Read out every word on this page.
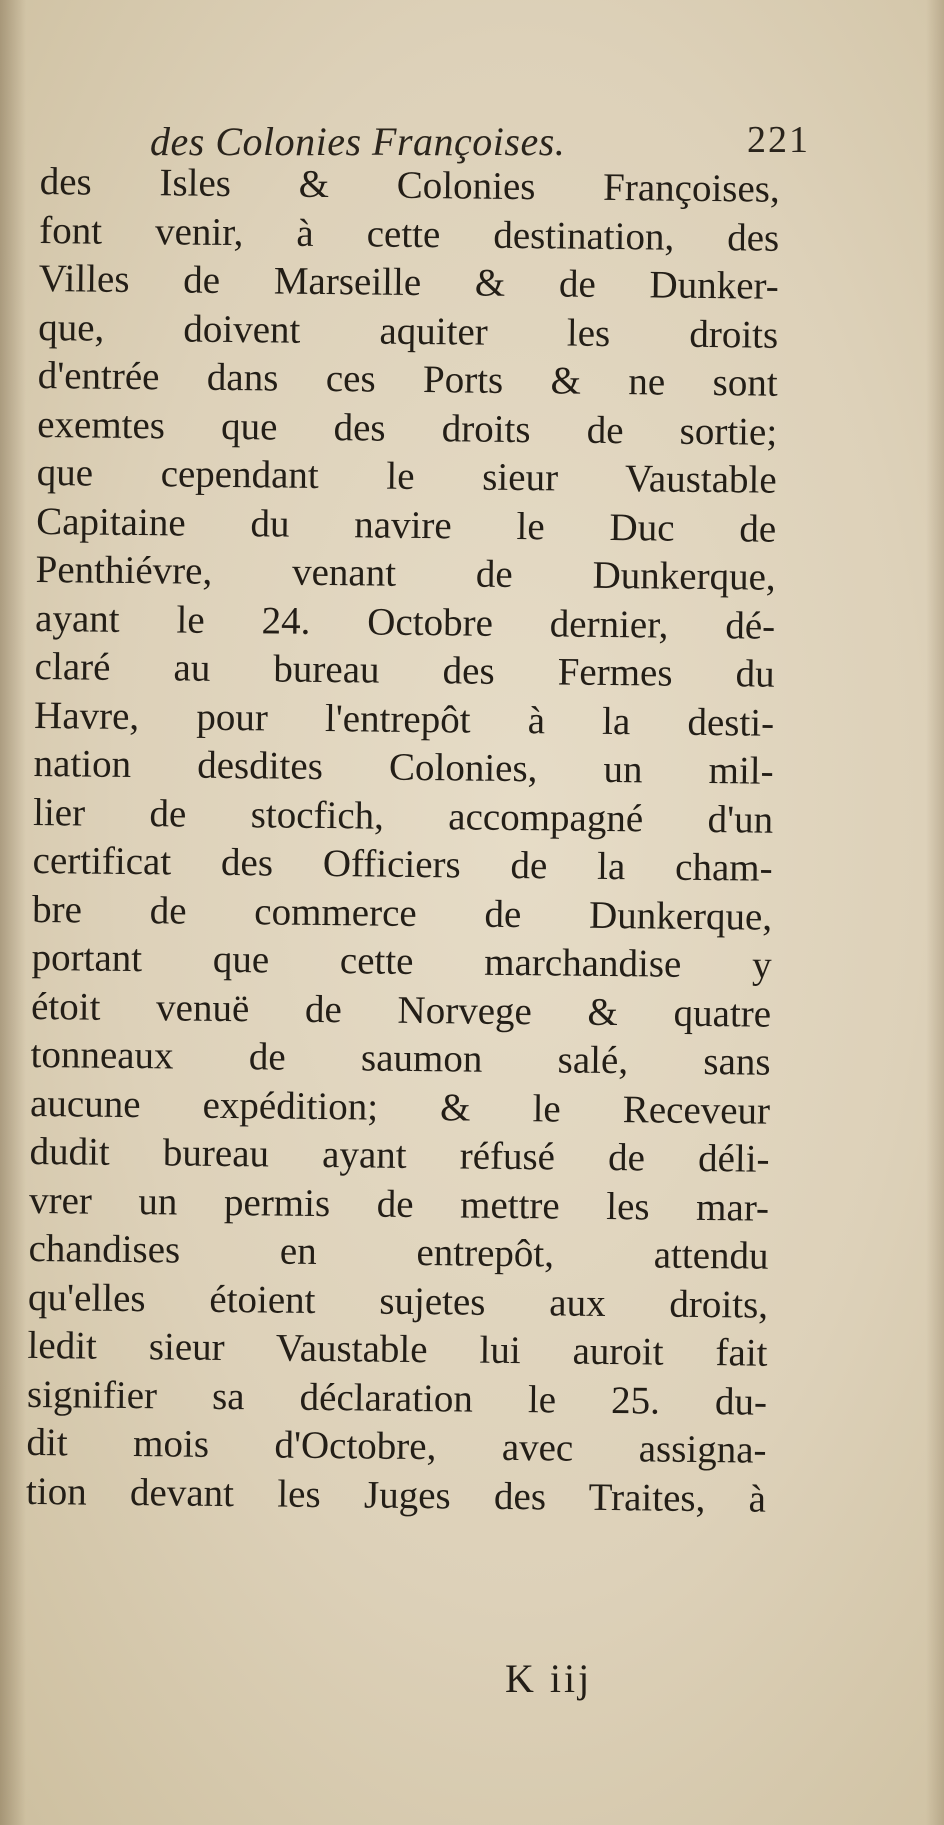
des Colonies Françoises.	221
des Isles & Colonies Françoises,
font venir, à cette destination, des
Villes de Marseille & de Dunker-
que, doivent aquiter les droits
d'entrée dans ces Ports & ne sont
exemtes que des droits de sortie;
que cependant le sieur Vaustable
Capitaine du navire le Duc de
Penthiévre, venant de Dunkerque,
ayant le 24. Octobre dernier, dé-
claré au bureau des Fermes du
Havre, pour l'entrepôt à la desti-
nation desdites Colonies, un mil-
lier de stocfich, accompagné d'un
certificat des Officiers de la cham-
bre de commerce de Dunkerque,
portant que cette marchandise y
étoit venuë de Norvege & quatre
tonneaux de saumon salé, sans
aucune expédition; & le Receveur
dudit bureau ayant réfusé de déli-
vrer un permis de mettre les mar-
chandises en entrepôt, attendu
qu'elles étoient sujetes aux droits,
ledit sieur Vaustable lui auroit fait
signifier sa déclaration le 25. du-
dit mois d'Octobre, avec assigna-
tion devant les Juges des Traites, à
K iij
